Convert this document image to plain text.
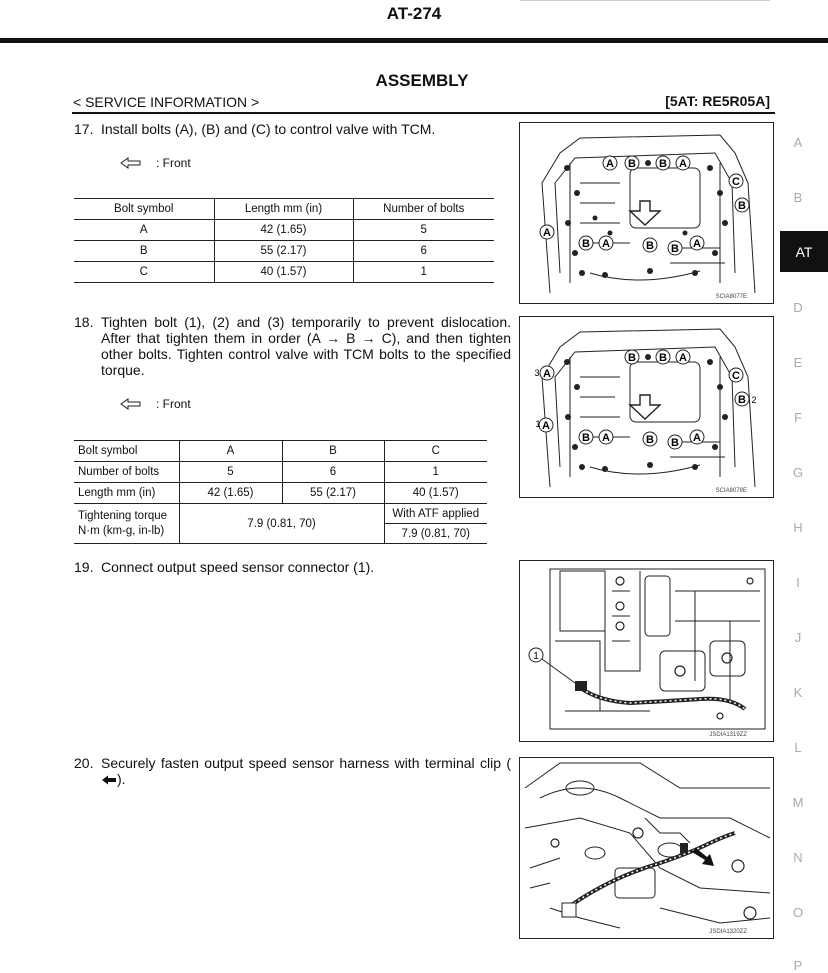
AT-274
ASSEMBLY
< SERVICE INFORMATION >	[5AT: RE5R05A]
17. Install bolts (A), (B) and (C) to control valve with TCM.
: Front
Bolt symbol	Length mm (in)	Number of bolts
A	42 (1.65)	5
B	55 (2.17)	6
C	40 (1.57)	1
18. Tighten bolt (1), (2) and (3) temporarily to prevent dislocation. After that tighten them in order (A → B → C), and then tighten other bolts. Tighten control valve with TCM bolts to the specified torque.
: Front
Bolt symbol	A	B	C
Number of bolts	5	6	1
Length mm (in)	42 (1.65)	55 (2.17)	40 (1.57)

Tightening torque
N·m (km-g, in-lb)	7.9 (0.81, 70)		With ATF applied
			7.9 (0.81, 70)
19. Connect output speed sensor connector (1).
20. Securely fasten output speed sensor harness with terminal clip ().
A B B A
C
B
A
B A	B B A
SCIA8077E
B B A
C
B
A
A
B A	B B A
1
2
3
SCIA8078E
1
JSDIA1319ZZ
JSDIA1320ZZ
A
B
AT
D
E
F
G
H
I
J
K
L
M
N
O
P
